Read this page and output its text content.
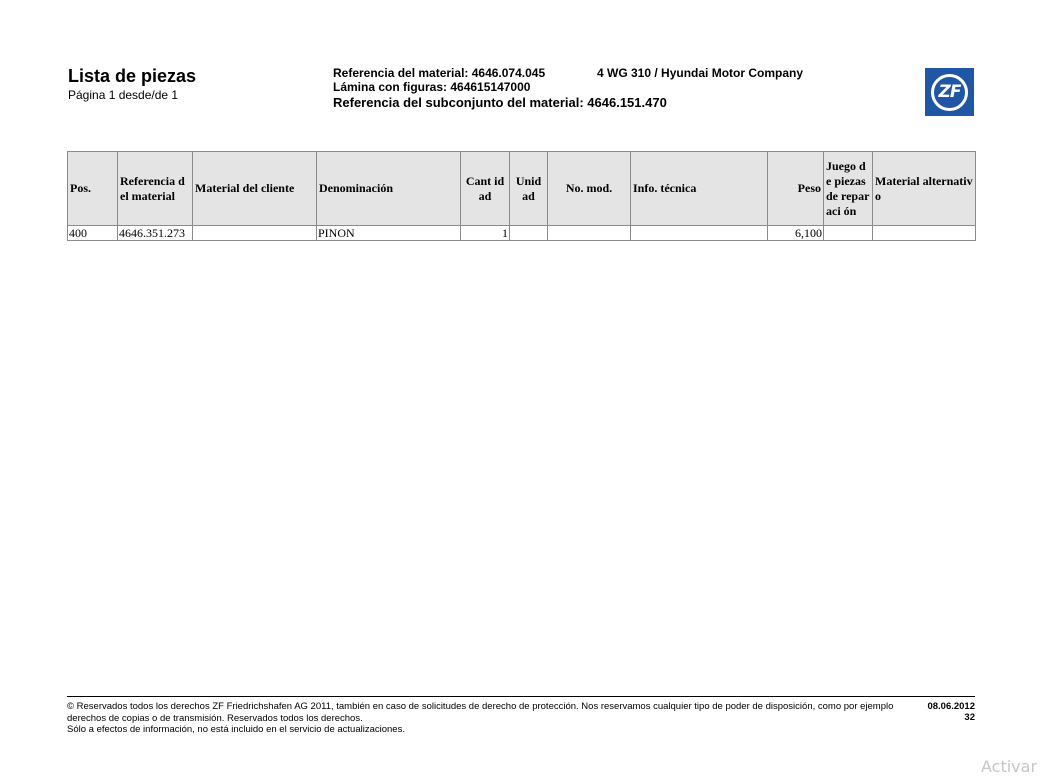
Lista de piezas
Página 1 desde/de 1
Referencia del material: 4646.074.045	4 WG 310 / Hyundai Motor Company
Lámina con figuras: 464615147000
Referencia del subconjunto del material: 4646.151.470
ZF
Pos.	Referencia del material	Material del cliente	Denominación	Cant idad	Unid ad	No. mod.	Info. técnica	Peso	Juego de piezas de reparaci ón	Material alternativo
400	4646.351.273		PINON	1				6,100		
© Reservados todos los derechos ZF Friedrichshafen AG 2011, también en caso de solicitudes de derecho de protección. Nos reservamos cualquier tipo de poder de disposición, como por ejemplo derechos de copias o de transmisión. Reservados todos los derechos.
Sólo a efectos de información, no está incluido en el servicio de actualizaciones.
08.06.2012
32
Activar
